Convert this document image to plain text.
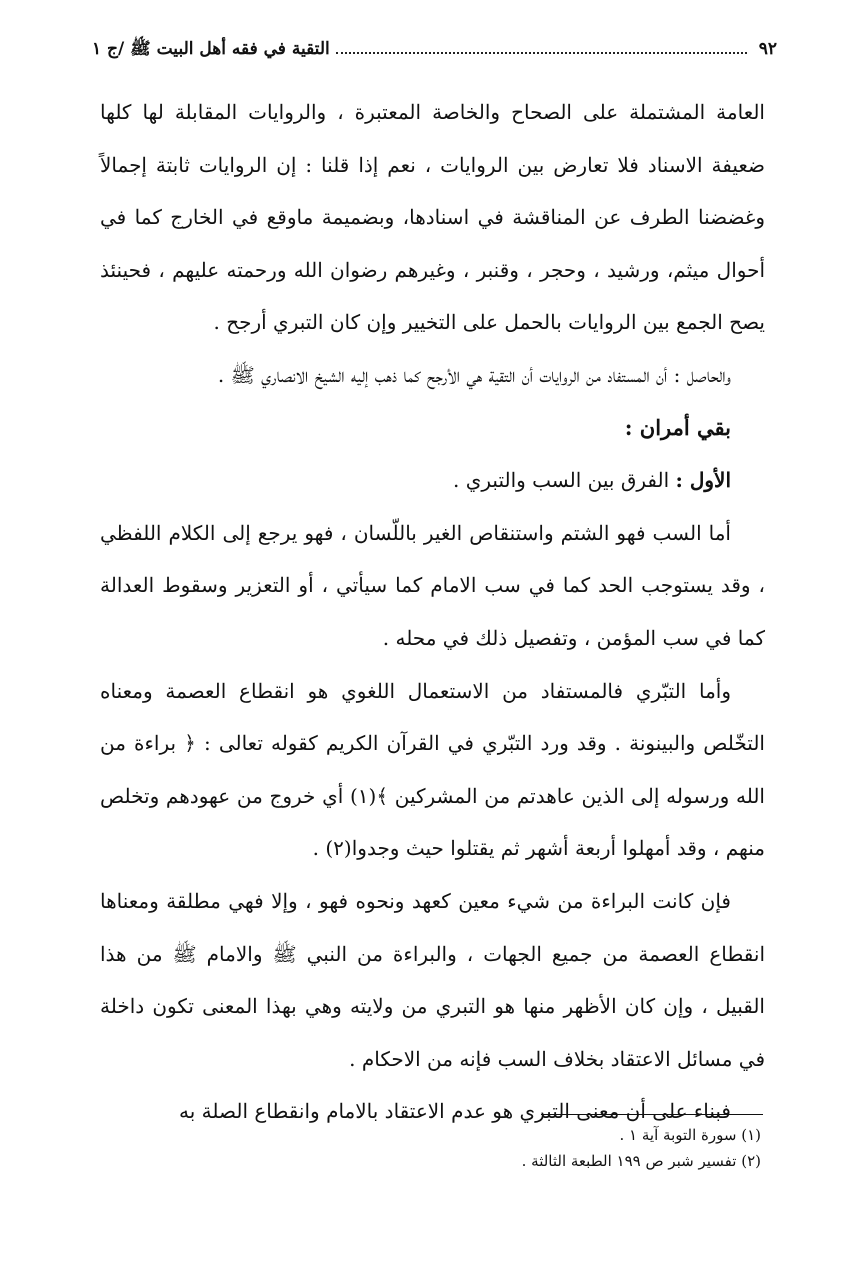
٩٢
التقية في فقه أهل البيت ﷺ /ج ١

العامة المشتملة على الصحاح والخاصة المعتبرة ، والروايات المقابلة لها كلها ضعيفة الاسناد فلا تعارض بين الروايات ، نعم إذا قلنا : إن الروايات ثابتة إجمالاً وغضضنا الطرف عن المناقشة في اسنادها، وبضميمة ماوقع في الخارج كما في أحوال ميثم، ورشيد ، وحجر ، وقنبر ، وغيرهم رضوان الله ورحمته عليهم ، فحينئذ يصح الجمع بين الروايات بالحمل على التخيير وإن كان التبري أرجح .

والحاصل : أن المستفاد من الروايات أن التقية هي الأرجح كما ذهب إليه الشيخ الانصاري ﷺ .

بقي أمران :

الأول : الفرق بين السب والتبري .

أما السب فهو الشتم واستنقاص الغير باللّسان ، فهو يرجع إلى الكلام اللفظي ، وقد يستوجب الحد كما في سب الامام كما سيأتي ، أو التعزير وسقوط العدالة كما في سب المؤمن ، وتفصيل ذلك في محله .

وأما التبّري فالمستفاد من الاستعمال اللغوي هو انقطاع العصمة ومعناه التخّلص والبينونة . وقد ورد التبّري في القرآن الكريم كقوله تعالى : ﴿ براءة من الله ورسوله إلى الذين عاهدتم من المشركين ﴾(١) أي خروج من عهودهم وتخلص منهم ، وقد أمهلوا أربعة أشهر ثم يقتلوا حيث وجدوا(٢) .

فإن كانت البراءة من شيء معين كعهد ونحوه فهو ، وإلا فهي مطلقة ومعناها انقطاع العصمة من جميع الجهات ، والبراءة من النبي ﷺ والامام ﷺ من هذا القبيل ، وإن كان الأظهر منها هو التبري من ولايته وهي بهذا المعنى تكون داخلة في مسائل الاعتقاد بخلاف السب فإنه من الاحكام .

فبناء على أن معنى التبري هو عدم الاعتقاد بالامام وانقطاع الصلة به

(١) سورة التوبة آية ١ .

(٢) تفسير شبر ص ١٩٩ الطبعة الثالثة .
